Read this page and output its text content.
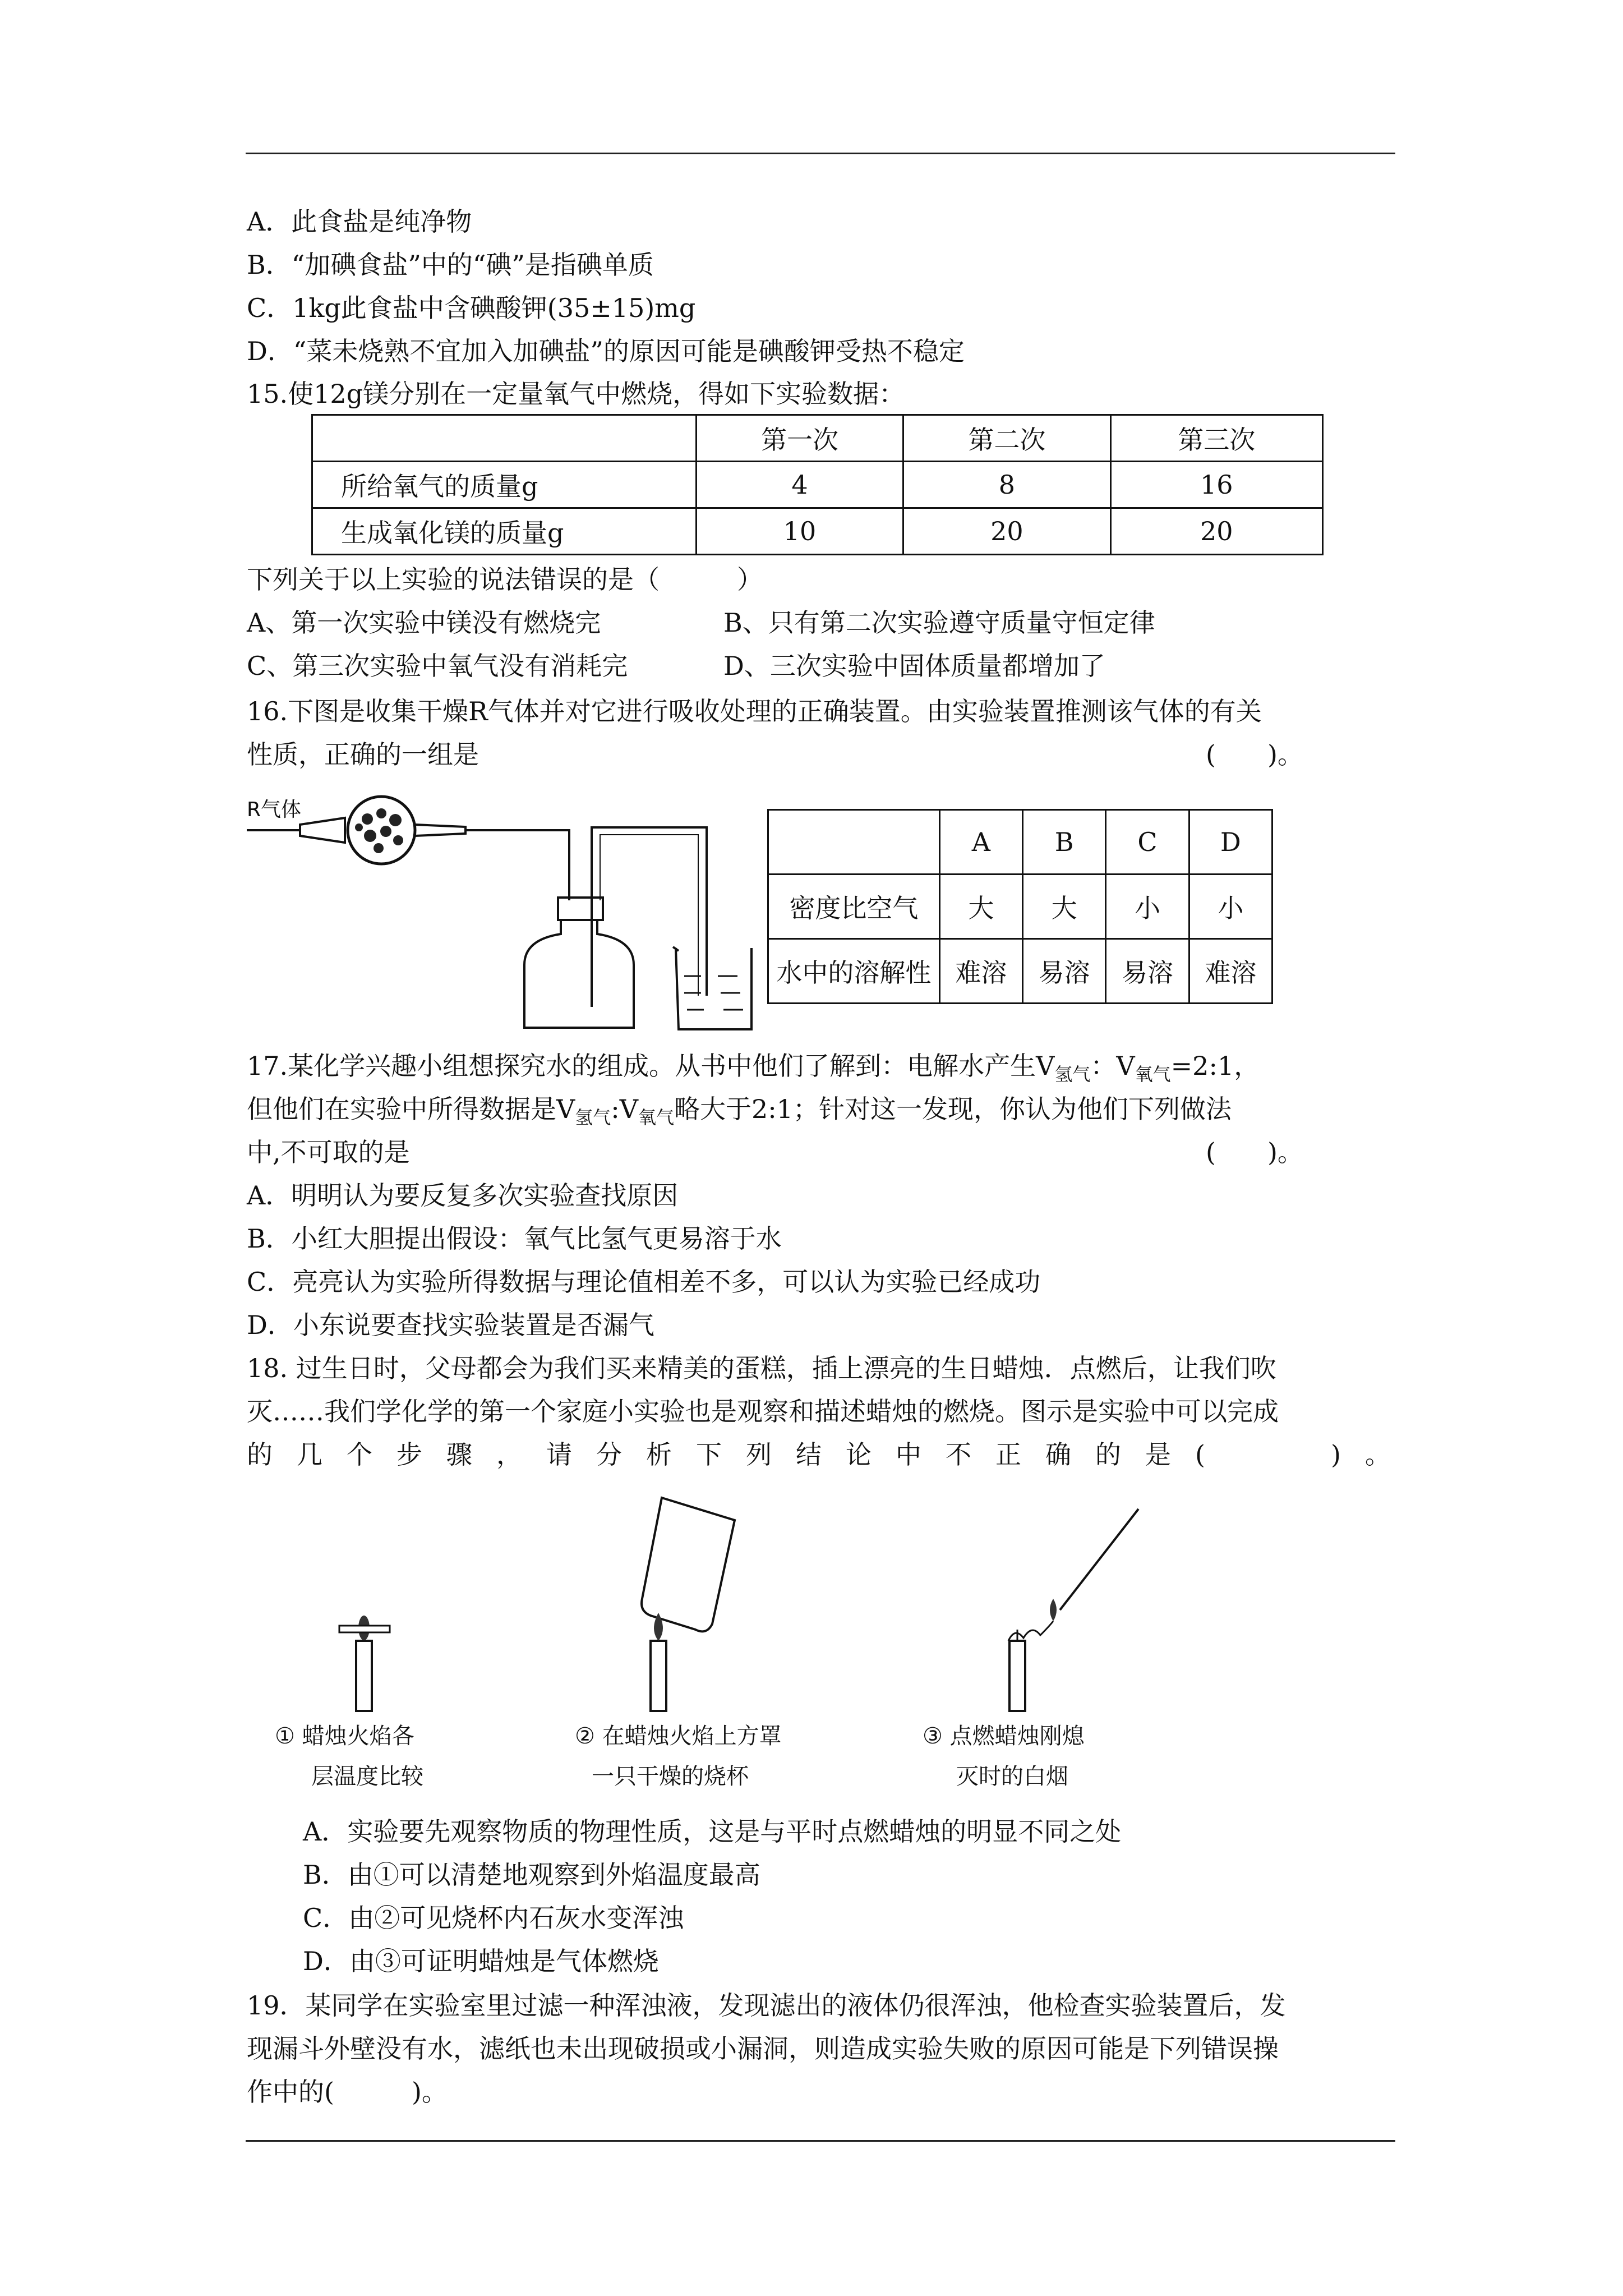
A．此食盐是纯净物
B．“加碘食盐”中的“碘”是指碘单质
C．1kg此食盐中含碘酸钾(35±15)mg
D．“菜未烧熟不宜加入加碘盐”的原因可能是碘酸钾受热不稳定
15.使12g镁分别在一定量氧气中燃烧，得如下实验数据：
	第一次	第二次	第三次
所给氧气的质量g	4	8	16
生成氧化镁的质量g	10	20	20
下列关于以上实验的说法错误的是（　　　）
A、第一次实验中镁没有燃烧完	B、只有第二次实验遵守质量守恒定律
C、第三次实验中氧气没有消耗完	D、三次实验中固体质量都增加了
16.下图是收集干燥R气体并对它进行吸收处理的正确装置。由实验装置推测该气体的有关
性质，正确的一组是	(　　)。
R气体
	A	B	C	D
密度比空气	大	大	小	小
水中的溶解性	难溶	易溶	易溶	难溶
17.某化学兴趣小组想探究水的组成。从书中他们了解到：电解水产生$V_{氢气}$：$V_{氧气}=2:1$，
但他们在实验中所得数据是$V_{氢气}:V_{氧气}$略大于2:1；针对这一发现，你认为他们下列做法
中,不可取的是	(　　)。
A．明明认为要反复多次实验查找原因
B．小红大胆提出假设：氧气比氢气更易溶于水
C．亮亮认为实验所得数据与理论值相差不多，可以认为实验已经成功
D．小东说要查找实验装置是否漏气
18. 过生日时，父母都会为我们买来精美的蛋糕，插上漂亮的生日蜡烛．点燃后，让我们吹
灭……我们学化学的第一个家庭小实验也是观察和描述蜡烛的燃烧。图示是实验中可以完成
的 几 个 步 骤 ， 请 分 析 下 列 结 论 中 不 正 确 的 是 (
　　　	) 。
① 蜡烛火焰各
层温度比较
② 在蜡烛火焰上方罩
一只干燥的烧杯
③ 点燃蜡烛刚熄
灭时的白烟
A．实验要先观察物质的物理性质，这是与平时点燃蜡烛的明显不同之处
B．由①可以清楚地观察到外焰温度最高
C．由②可见烧杯内石灰水变浑浊
D．由③可证明蜡烛是气体燃烧
19．某同学在实验室里过滤一种浑浊液，发现滤出的液体仍很浑浊，他检查实验装置后，发
现漏斗外壁没有水，滤纸也未出现破损或小漏洞，则造成实验失败的原因可能是下列错误操
作中的(　　　)。
